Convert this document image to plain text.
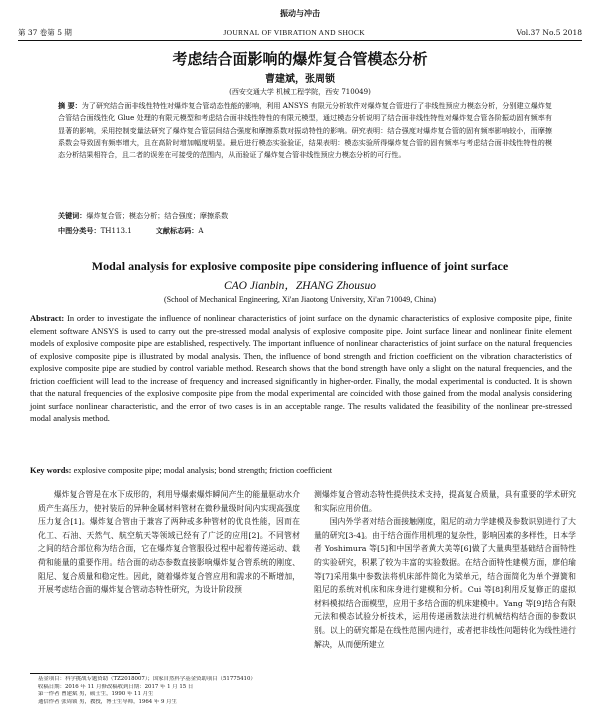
振动与冲击
第 37 卷第 5 期	JOURNAL OF VIBRATION AND SHOCK	Vol.37 No.5 2018
考虑结合面影响的爆炸复合管模态分析
曹建斌，张周锁
(西安交通大学 机械工程学院，西安 710049)
摘 要：为了研究结合面非线性特性对爆炸复合管动态性能的影响，利用 ANSYS 有限元分析软件对爆炸复合管进行了非线性预应力模态分析，分别建立爆炸复合管结合面线性化 Glue 处理的有限元模型和考虑结合面非线性特性的有限元模型，通过模态分析说明了结合面非线性特性对爆炸复合管各阶振动固有频率有显著的影响，采用控制变量法研究了爆炸复合管层间结合强度和摩擦系数对振动特性的影响。研究表明：结合强度对爆炸复合管的固有频率影响较小，而摩擦系数会导致固有频率增大，且在高阶时增加幅度明显。最后进行模态实验验证，结果表明：模态实验所得爆炸复合管的固有频率与考虑结合面非线性特性的模态分析结果相符合，且二者的误差在可接受的范围内，从而验证了爆炸复合管非线性预应力模态分析的可行性。
关键词：爆炸复合管；模态分析；结合强度；摩擦系数
中图分类号：TH113.1	文献标志码：A
Modal analysis for explosive composite pipe considering influence of joint surface
CAO Jianbin，ZHANG Zhousuo
(School of Mechanical Engineering, Xi'an Jiaotong University, Xi'an 710049, China)
Abstract: In order to investigate the influence of nonlinear characteristics of joint surface on the dynamic characteristics of explosive composite pipe, finite element software ANSYS is used to carry out the pre-stressed modal analysis of explosive composite pipe. Joint surface linear and nonlinear finite element models of explosive composite pipe are established, respectively. The important influence of nonlinear characteristics of joint surface on the natural frequencies of explosive composite pipe is illustrated by modal analysis. Then, the influence of bond strength and friction coefficient on the vibration characteristics of explosive composite pipe are studied by control variable method. Research shows that the bond strength have only a slight on the natural frequencies, and the friction coefficient will lead to the increase of frequency and increased significantly in higher-order. Finally, the modal experimental is conducted. It is shown that the natural frequencies of the explosive composite pipe from the modal experimental are coincided with those gained from the modal analysis considering joint surface nonlinear characteristic, and the error of two cases is in an acceptable range. The results validated the feasibility of the nonlinear pre-stressed modal analysis method.
Key words: explosive composite pipe; modal analysis; bond strength; friction coefficient

爆炸复合管是在水下成形的，利用导爆索爆炸瞬间产生的能量驱动水介质产生高压力，使衬装后的异种金属材料管材在微秒量级时间内实现高强度压力复合[1]。爆炸复合管由于兼容了两种或多种管材的优良性能，因而在化工、石油、天然气、航空航天等领域已经有了广泛的应用[2]。不同管材之间的结合部位称为结合面，它在爆炸复合管服役过程中起着传递运动、载荷和能量的重要作用。结合面的动态参数直接影响爆炸复合管系统的刚度、阻尼、复合质量和稳定性。因此，随着爆炸复合管应用和需求的不断增加，开展考虑结合面的爆炸复合管动态特性研究，为设计阶段预

测爆炸复合管动态特性提供技术支持，提高复合质量，具有重要的学术研究和实际应用价值。

国内外学者对结合面接触刚度，阻尼的动力学建模及参数识别进行了大量的研究[3-4]。由于结合面作用机理的复杂性，影响因素的多样性，日本学者 Yoshimura 等[5]和中国学者黄大美等[6]做了大量典型基础结合面特性的实验研究，积累了较为丰富的实验数据。在结合面特性建模方面，廖伯瑜等[7]采用集中参数法将机床部件简化为梁单元，结合面简化为单个弹簧和阻尼的系统对机床和床身进行建模和分析。Cui 等[8]利用反复修正的虚拟材料模拟结合面模型，应用于多结合面的机床建模中。Yang 等[9]结合有限元法和模态试验分析技术，运用传递函数法进行机械结构结合面的参数识别。以上的研究都是在线性范围内进行，或者把非线性问题转化为线性进行解决，从而便所建立

基金项目：科学挑战专题资助（TZ2018007）；国家自然科学基金资助项目（51775410）
收稿日期：2016 年 11 月修改稿收到日期：2017 年 1 月 15 日
第一作者 曹建斌 男，硕士生，1990 年 11 月生
通信作者 张周锁 男，教授，博士生导师，1964 年 9 月生
